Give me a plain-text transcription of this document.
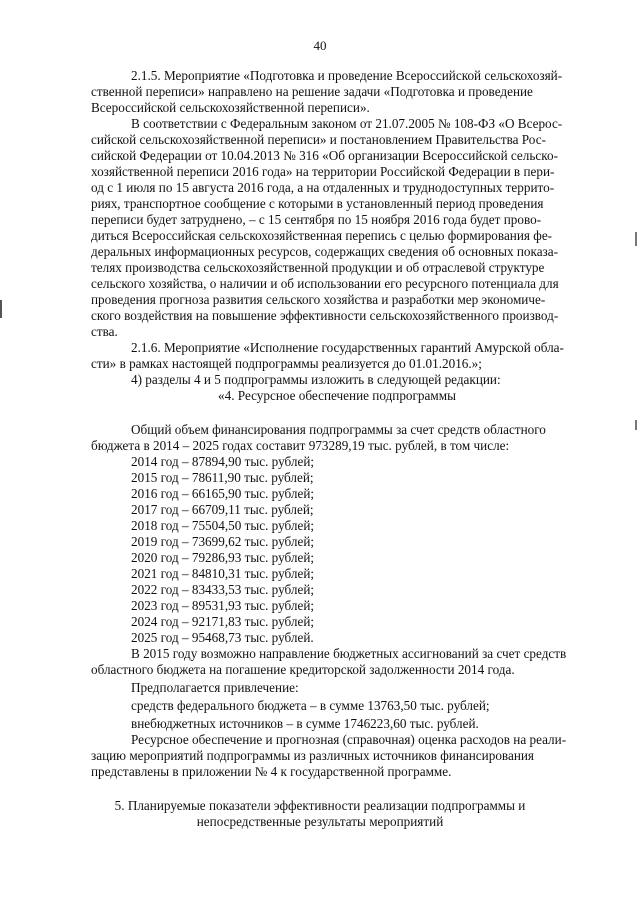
40
2.1.5. Мероприятие «Подготовка и проведение Всероссийской сельскохозяй-
ственной переписи» направлено на решение задачи «Подготовка и проведение
Всероссийской сельскохозяйственной переписи».
В соответствии с Федеральным законом от 21.07.2005 № 108-ФЗ «О Всерос-
сийской сельскохозяйственной переписи» и постановлением Правительства Рос-
сийской Федерации от 10.04.2013 № 316 «Об организации Всероссийской сельско-
хозяйственной переписи 2016 года» на территории Российской Федерации в пери-
од с 1 июля по 15 августа 2016 года, а на отдаленных и труднодоступных террито-
риях, транспортное сообщение с которыми в установленный период проведения
переписи будет затруднено, – с 15 сентября по 15 ноября 2016 года будет прово-
диться Всероссийская сельскохозяйственная перепись с целью формирования фе-
деральных информационных ресурсов, содержащих сведения об основных показа-
телях производства сельскохозяйственной продукции и об отраслевой структуре
сельского хозяйства, о наличии и об использовании его ресурсного потенциала для
проведения прогноза развития сельского хозяйства и разработки мер экономиче-
ского воздействия на повышение эффективности сельскохозяйственного производ-
ства.
2.1.6. Мероприятие «Исполнение государственных гарантий Амурской обла-
сти» в рамках настоящей подпрограммы реализуется до 01.01.2016.»;
4) разделы 4 и 5 подпрограммы изложить в следующей редакции:
«4. Ресурсное обеспечение подпрограммы
Общий объем финансирования подпрограммы за счет средств областного
бюджета в 2014 – 2025 годах составит 973289,19 тыс. рублей, в том числе:
2014 год – 87894,90 тыс. рублей;
2015 год – 78611,90 тыс. рублей;
2016 год – 66165,90 тыс. рублей;
2017 год – 66709,11 тыс. рублей;
2018 год – 75504,50 тыс. рублей;
2019 год – 73699,62 тыс. рублей;
2020 год – 79286,93 тыс. рублей;
2021 год – 84810,31 тыс. рублей;
2022 год – 83433,53 тыс. рублей;
2023 год – 89531,93 тыс. рублей;
2024 год – 92171,83 тыс. рублей;
2025 год – 95468,73 тыс. рублей.
В 2015 году возможно направление бюджетных ассигнований за счет средств
областного бюджета на погашение кредиторской задолженности 2014 года.
Предполагается привлечение:
средств федерального бюджета – в сумме 13763,50 тыс. рублей;
внебюджетных источников – в сумме 1746223,60 тыс. рублей.
Ресурсное обеспечение и прогнозная (справочная) оценка расходов на реали-
зацию мероприятий подпрограммы из различных источников финансирования
представлены в приложении № 4 к государственной программе.
5. Планируемые показатели эффективности реализации подпрограммы и
непосредственные результаты мероприятий
